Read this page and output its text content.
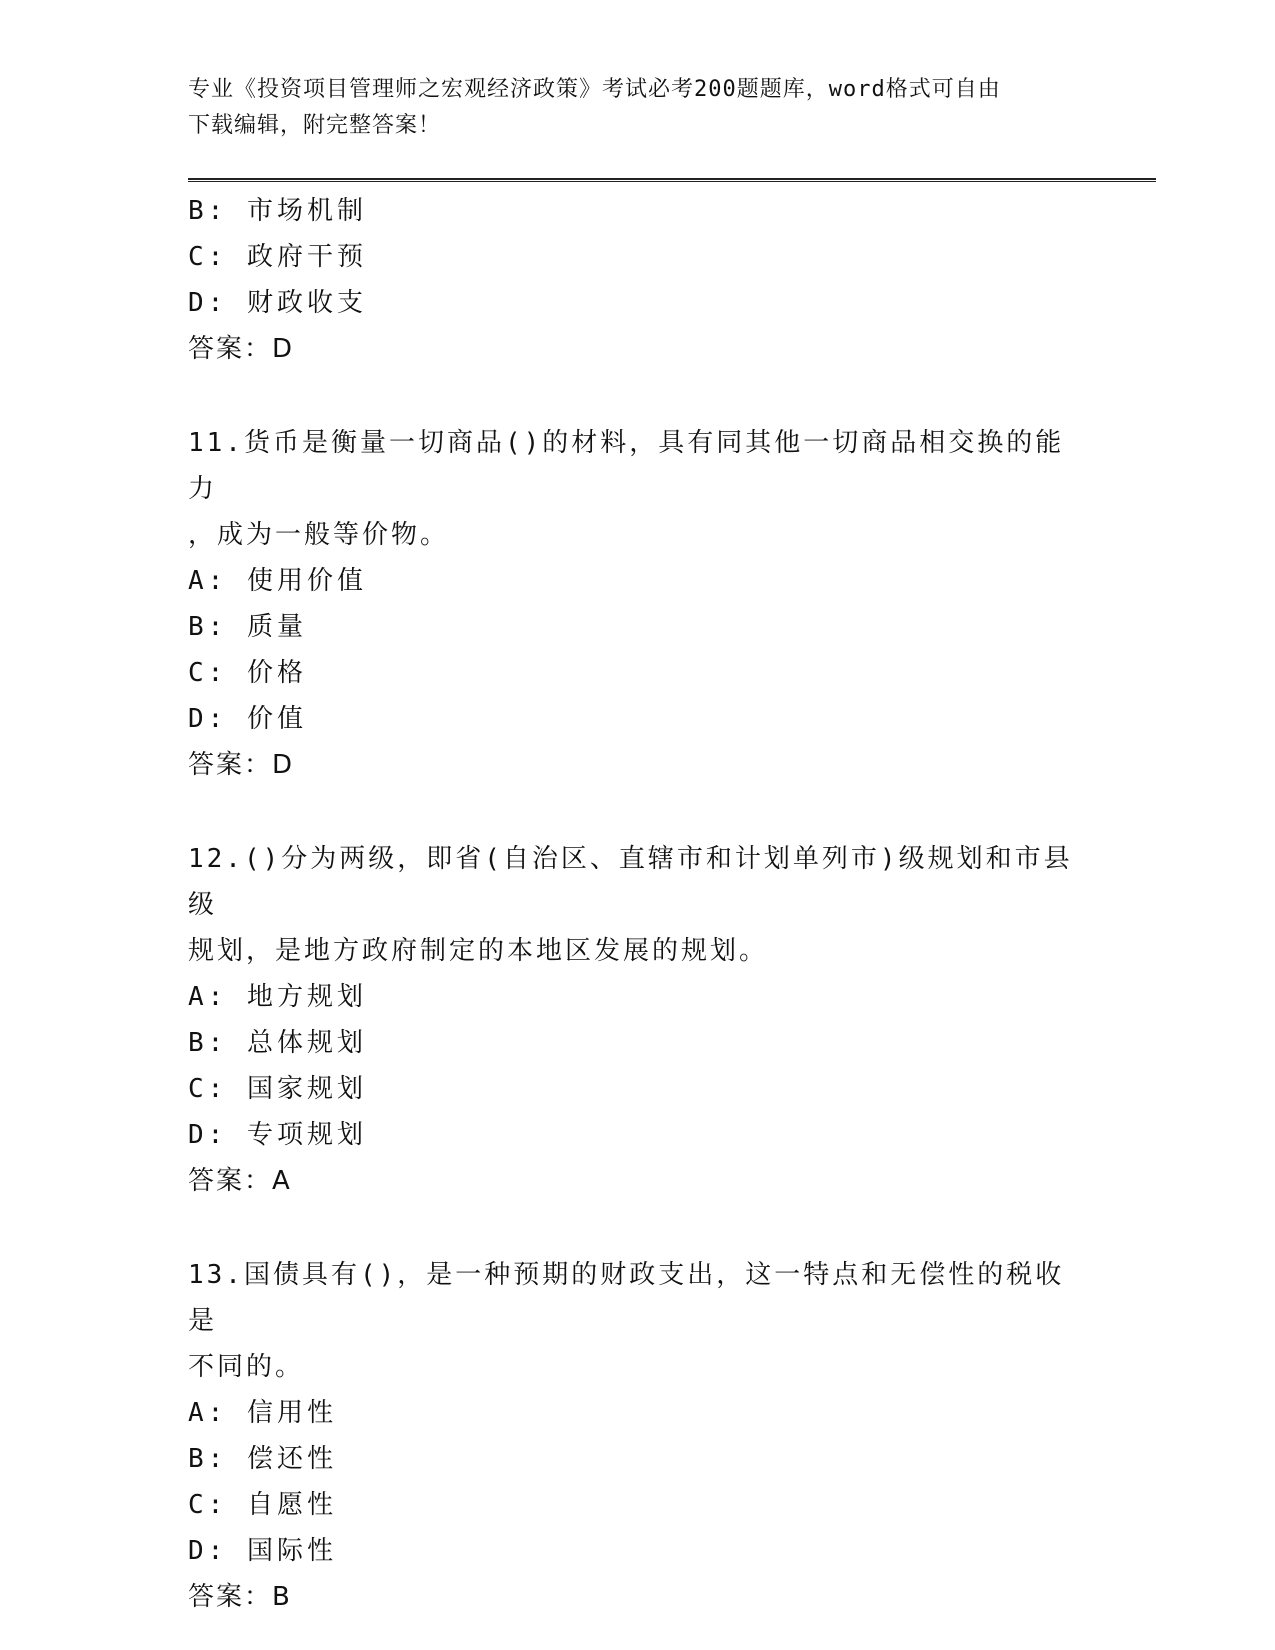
专业《投资项目管理师之宏观经济政策》考试必考200题题库，word格式可自由
下载编辑，附完整答案！
B: 市场机制
C: 政府干预
D: 财政收支
答案：D
11.货币是衡量一切商品()的材料，具有同其他一切商品相交换的能力
，成为一般等价物。
A: 使用价值
B: 质量
C: 价格
D: 价值
答案：D
12.()分为两级，即省(自治区、直辖市和计划单列市)级规划和市县级
规划，是地方政府制定的本地区发展的规划。
A: 地方规划
B: 总体规划
C: 国家规划
D: 专项规划
答案：A
13.国债具有()，是一种预期的财政支出，这一特点和无偿性的税收是
不同的。
A: 信用性
B: 偿还性
C: 自愿性
D: 国际性
答案：B
